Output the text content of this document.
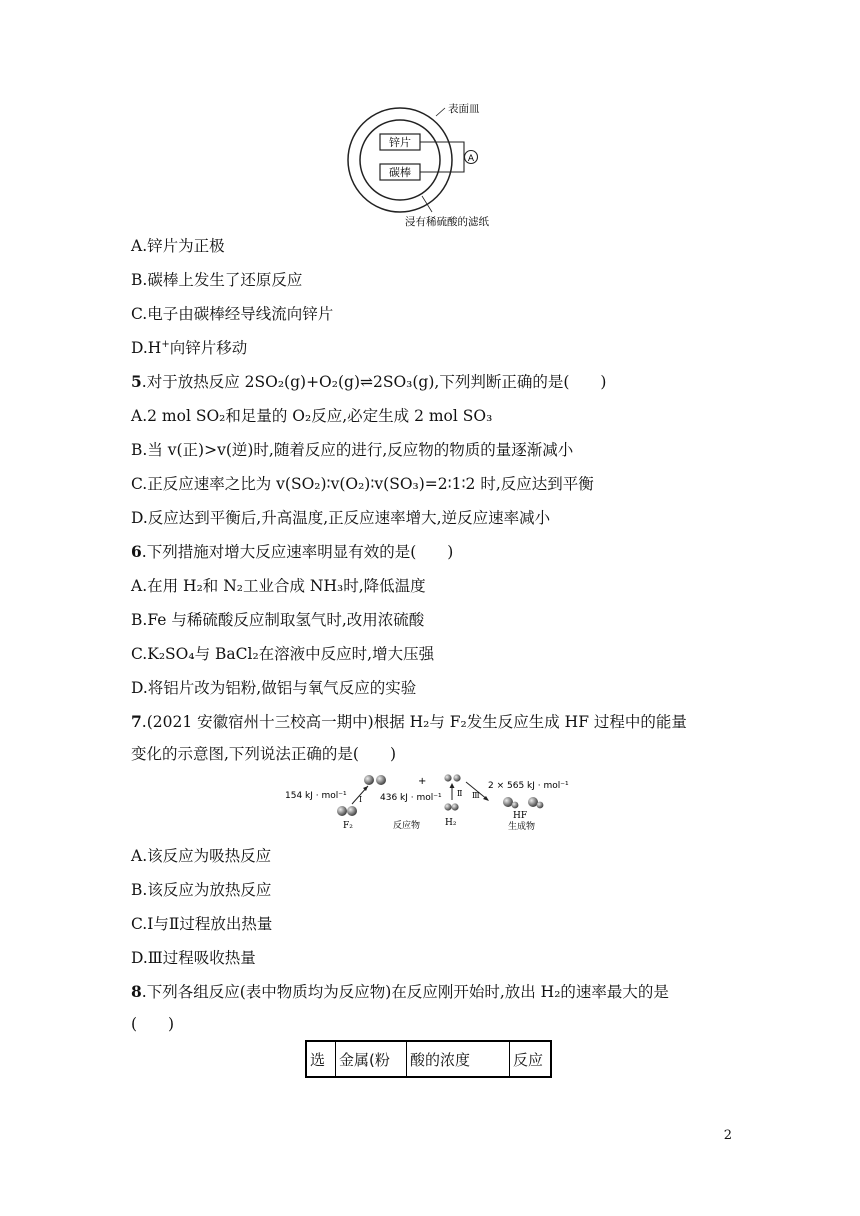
锌片
碳棒
A
表面皿
浸有稀硫酸的滤纸
A.锌片为正极
B.碳棒上发生了还原反应
C.电子由碳棒经导线流向锌片
D.H+向锌片移动
5.对于放热反应 2SO₂(g)+O₂(g)⇌2SO₃(g),下列判断正确的是(　　)
A.2 mol SO₂和足量的 O₂反应,必定生成 2 mol SO₃
B.当 v(正)>v(逆)时,随着反应的进行,反应物的物质的量逐渐减小
C.正反应速率之比为 v(SO₂)∶v(O₂)∶v(SO₃)=2∶1∶2 时,反应达到平衡
D.反应达到平衡后,升高温度,正反应速率增大,逆反应速率减小
6.下列措施对增大反应速率明显有效的是(　　)
A.在用 H₂和 N₂工业合成 NH₃时,降低温度
B.Fe 与稀硫酸反应制取氢气时,改用浓硫酸
C.K₂SO₄与 BaCl₂在溶液中反应时,增大压强
D.将铝片改为铝粉,做铝与氧气反应的实验
7.(2021 安徽宿州十三校高一期中)根据 H₂与 F₂发生反应生成 HF 过程中的能量
变化的示意图,下列说法正确的是(　　)
154 kJ · mol⁻¹
F₂
Ⅰ
+
436 kJ · mol⁻¹
反应物
Ⅱ
H₂
Ⅲ
2 × 565 kJ · mol⁻¹
HF
生成物
A.该反应为吸热反应
B.该反应为放热反应
C.Ⅰ与Ⅱ过程放出热量
D.Ⅲ过程吸收热量
8.下列各组反应(表中物质均为反应物)在反应刚开始时,放出 H₂的速率最大的是
(　　)
选	金属(粉	酸的浓度	反应
2
